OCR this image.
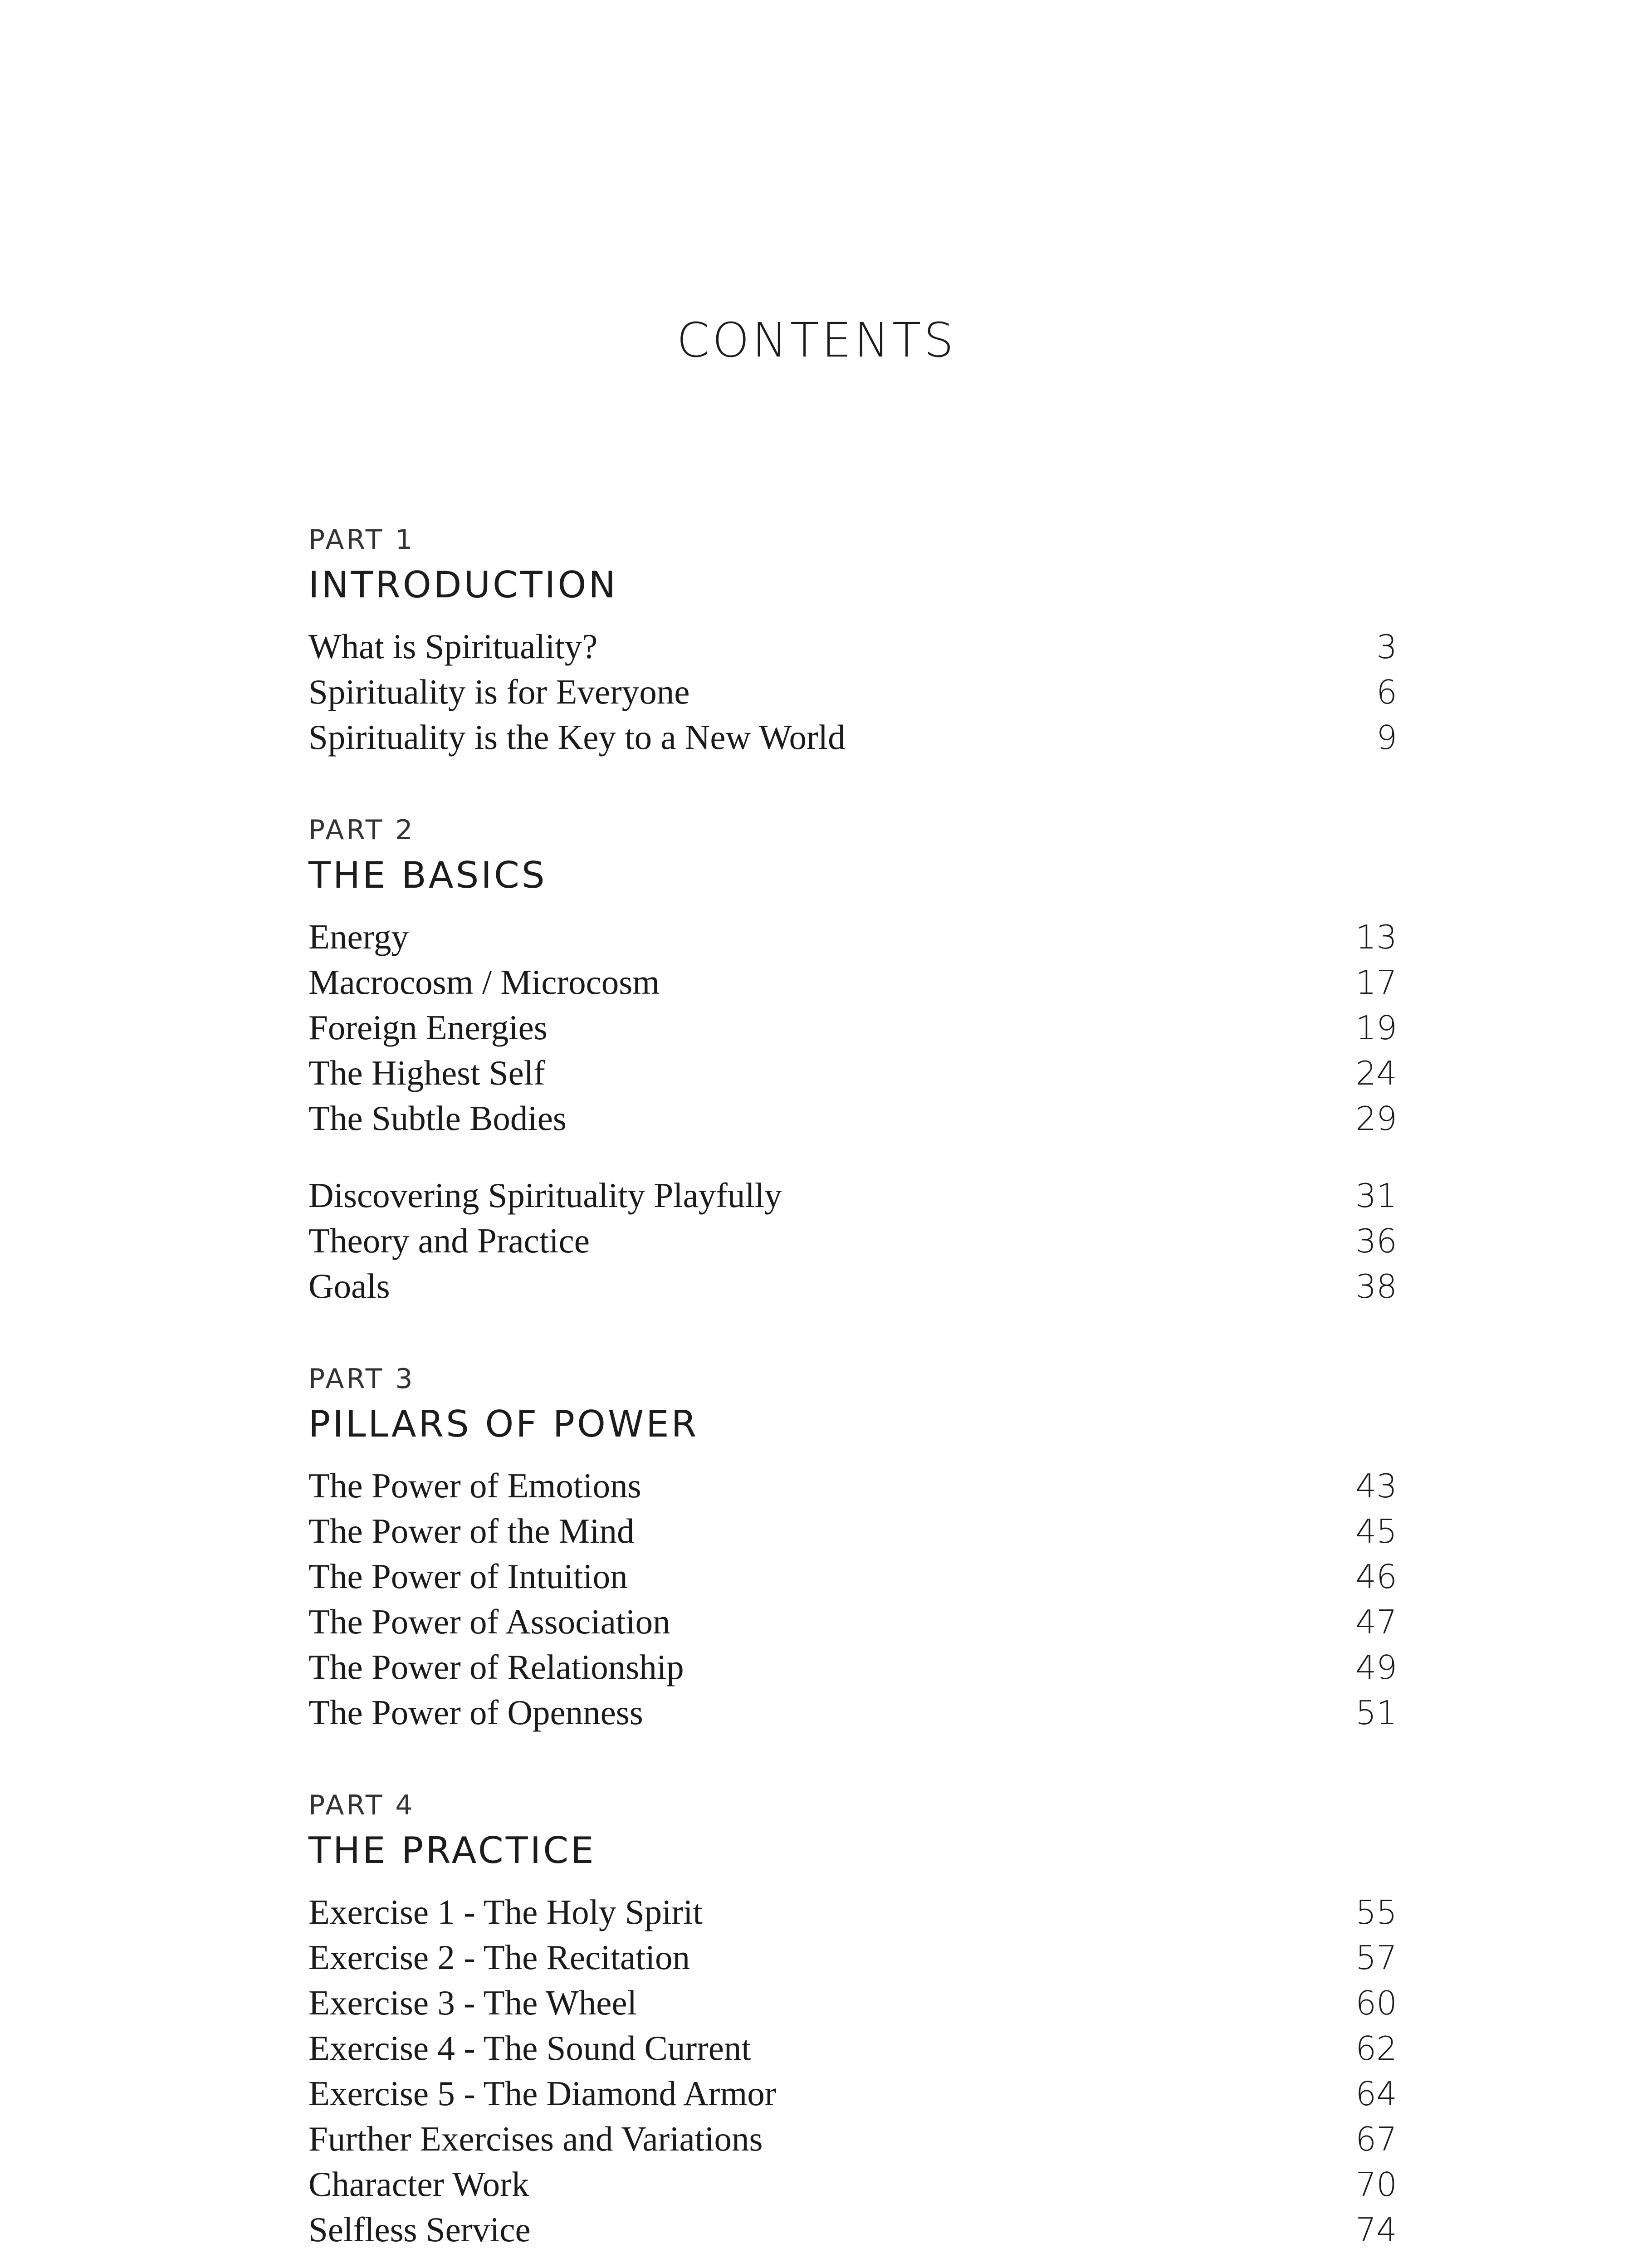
CONTENTS
PART 1
INTRODUCTION
What is Spirituality?	3
Spirituality is for Everyone	6
Spirituality is the Key to a New World	9
PART 2
THE BASICS
Energy	13
Macrocosm / Microcosm	17
Foreign Energies	19
The Highest Self	24
The Subtle Bodies	29
Discovering Spirituality Playfully	31
Theory and Practice	36
Goals	38
PART 3
PILLARS OF POWER
The Power of Emotions	43
The Power of the Mind	45
The Power of Intuition	46
The Power of Association	47
The Power of Relationship	49
The Power of Openness	51
PART 4
THE PRACTICE
Exercise 1 - The Holy Spirit	55
Exercise 2 - The Recitation	57
Exercise 3 - The Wheel	60
Exercise 4 - The Sound Current	62
Exercise 5 - The Diamond Armor	64
Further Exercises and Variations	67
Character Work	70
Selfless Service	74
